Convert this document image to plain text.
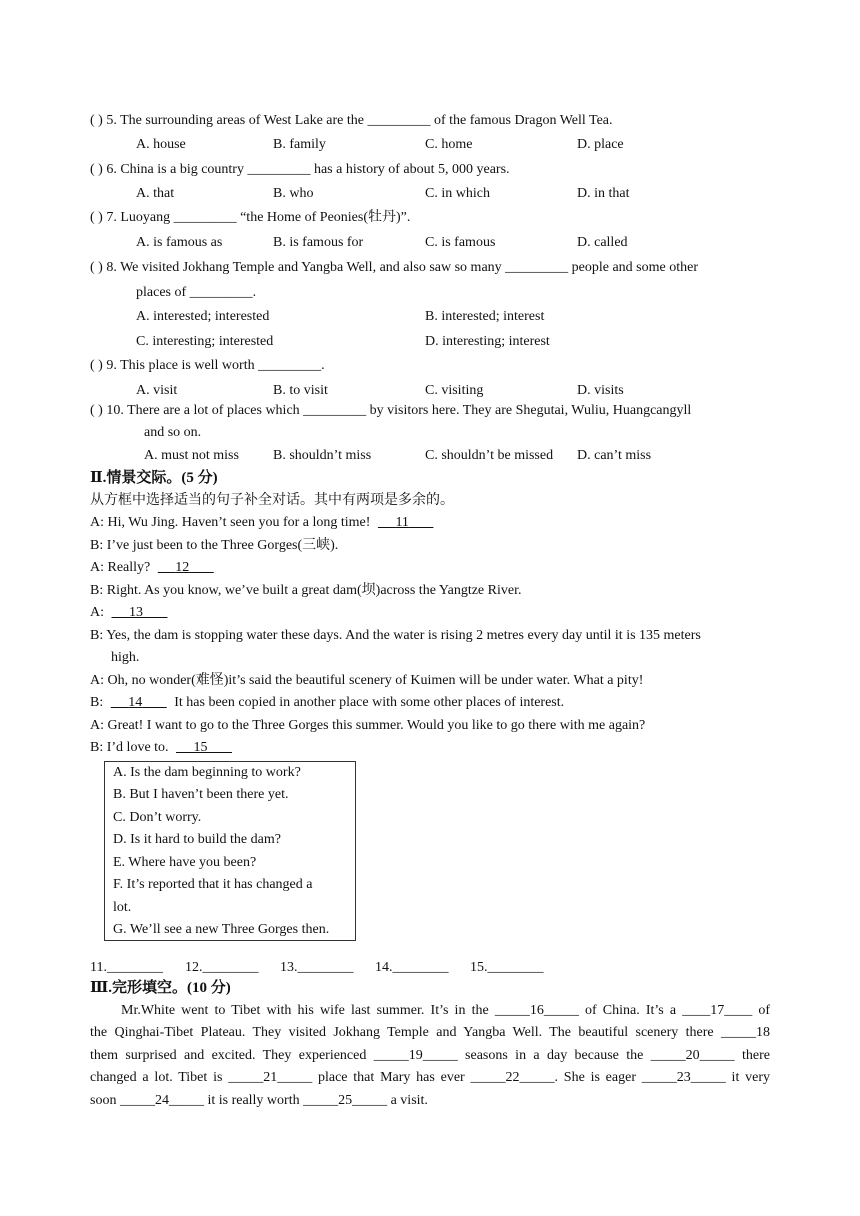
( ) 5. The surrounding areas of West Lake are the _________ of the famous Dragon Well Tea.
A. house	B. family	C. home	D. place
( ) 6. China is a big country _________ has a history of about 5, 000 years.
A. that	B. who	C. in which	D. in that
( ) 7. Luoyang _________ “the Home of Peonies(牡丹)”.
A. is famous as	B. is famous for	C. is famous	D. called
( ) 8. We visited Jokhang Temple and Yangba Well, and also saw so many _________ people and some other
places of _________.
A. interested; interested	B. interested; interest
C. interesting; interested	D. interesting; interest
( ) 9. This place is well worth _________.
A. visit	B. to visit	C. visiting	D. visits
( ) 10. There are a lot of places which _________ by visitors here. They are Shegutai, Wuliu, Huangcangyll
and so on.
A. must not miss B. shouldn’t miss	C. shouldn’t be missed D. can’t miss
Ⅱ.情景交际。(5 分)
从方框中选择适当的句子补全对话。其中有两项是多余的。
A: Hi, Wu Jing. Haven’t seen you for a long time! 11
B: I’ve just been to the Three Gorges(三峡).
A: Really? 12
B: Right. As you know, we’ve built a great dam(坝)across the Yangtze River.
A: 13
B: Yes, the dam is stopping water these days. And the water is rising 2 metres every day until it is 135 meters
high.
A: Oh, no wonder(难怪)it’s said the beautiful scenery of Kuimen will be under water. What a pity!
B: 14 It has been copied in another place with some other places of interest.
A: Great! I want to go to the Three Gorges this summer. Would you like to go there with me again?
B: I’d love to. 15
A. Is the dam beginning to work?
B. But I haven’t been there yet.
C. Don’t worry.
D. Is it hard to build the dam?
E. Where have you been?
F. It’s reported that it has changed a
lot.
G. We’ll see a new Three Gorges then.
11.________ 12.________ 13.________ 14.________ 15.________
Ⅲ.完形填空。(10 分)
Mr.White went to Tibet with his wife last summer. It’s in the _____16_____ of China. It’s a ____17____ of
the Qinghai-Tibet Plateau. They visited Jokhang Temple and Yangba Well. The beautiful scenery there _____18
them surprised and excited. They experienced _____19_____ seasons in a day because the _____20_____ there
changed a lot. Tibet is _____21_____ place that Mary has ever _____22_____. She is eager _____23_____ it very
soon _____24_____ it is really worth _____25_____ a visit.
